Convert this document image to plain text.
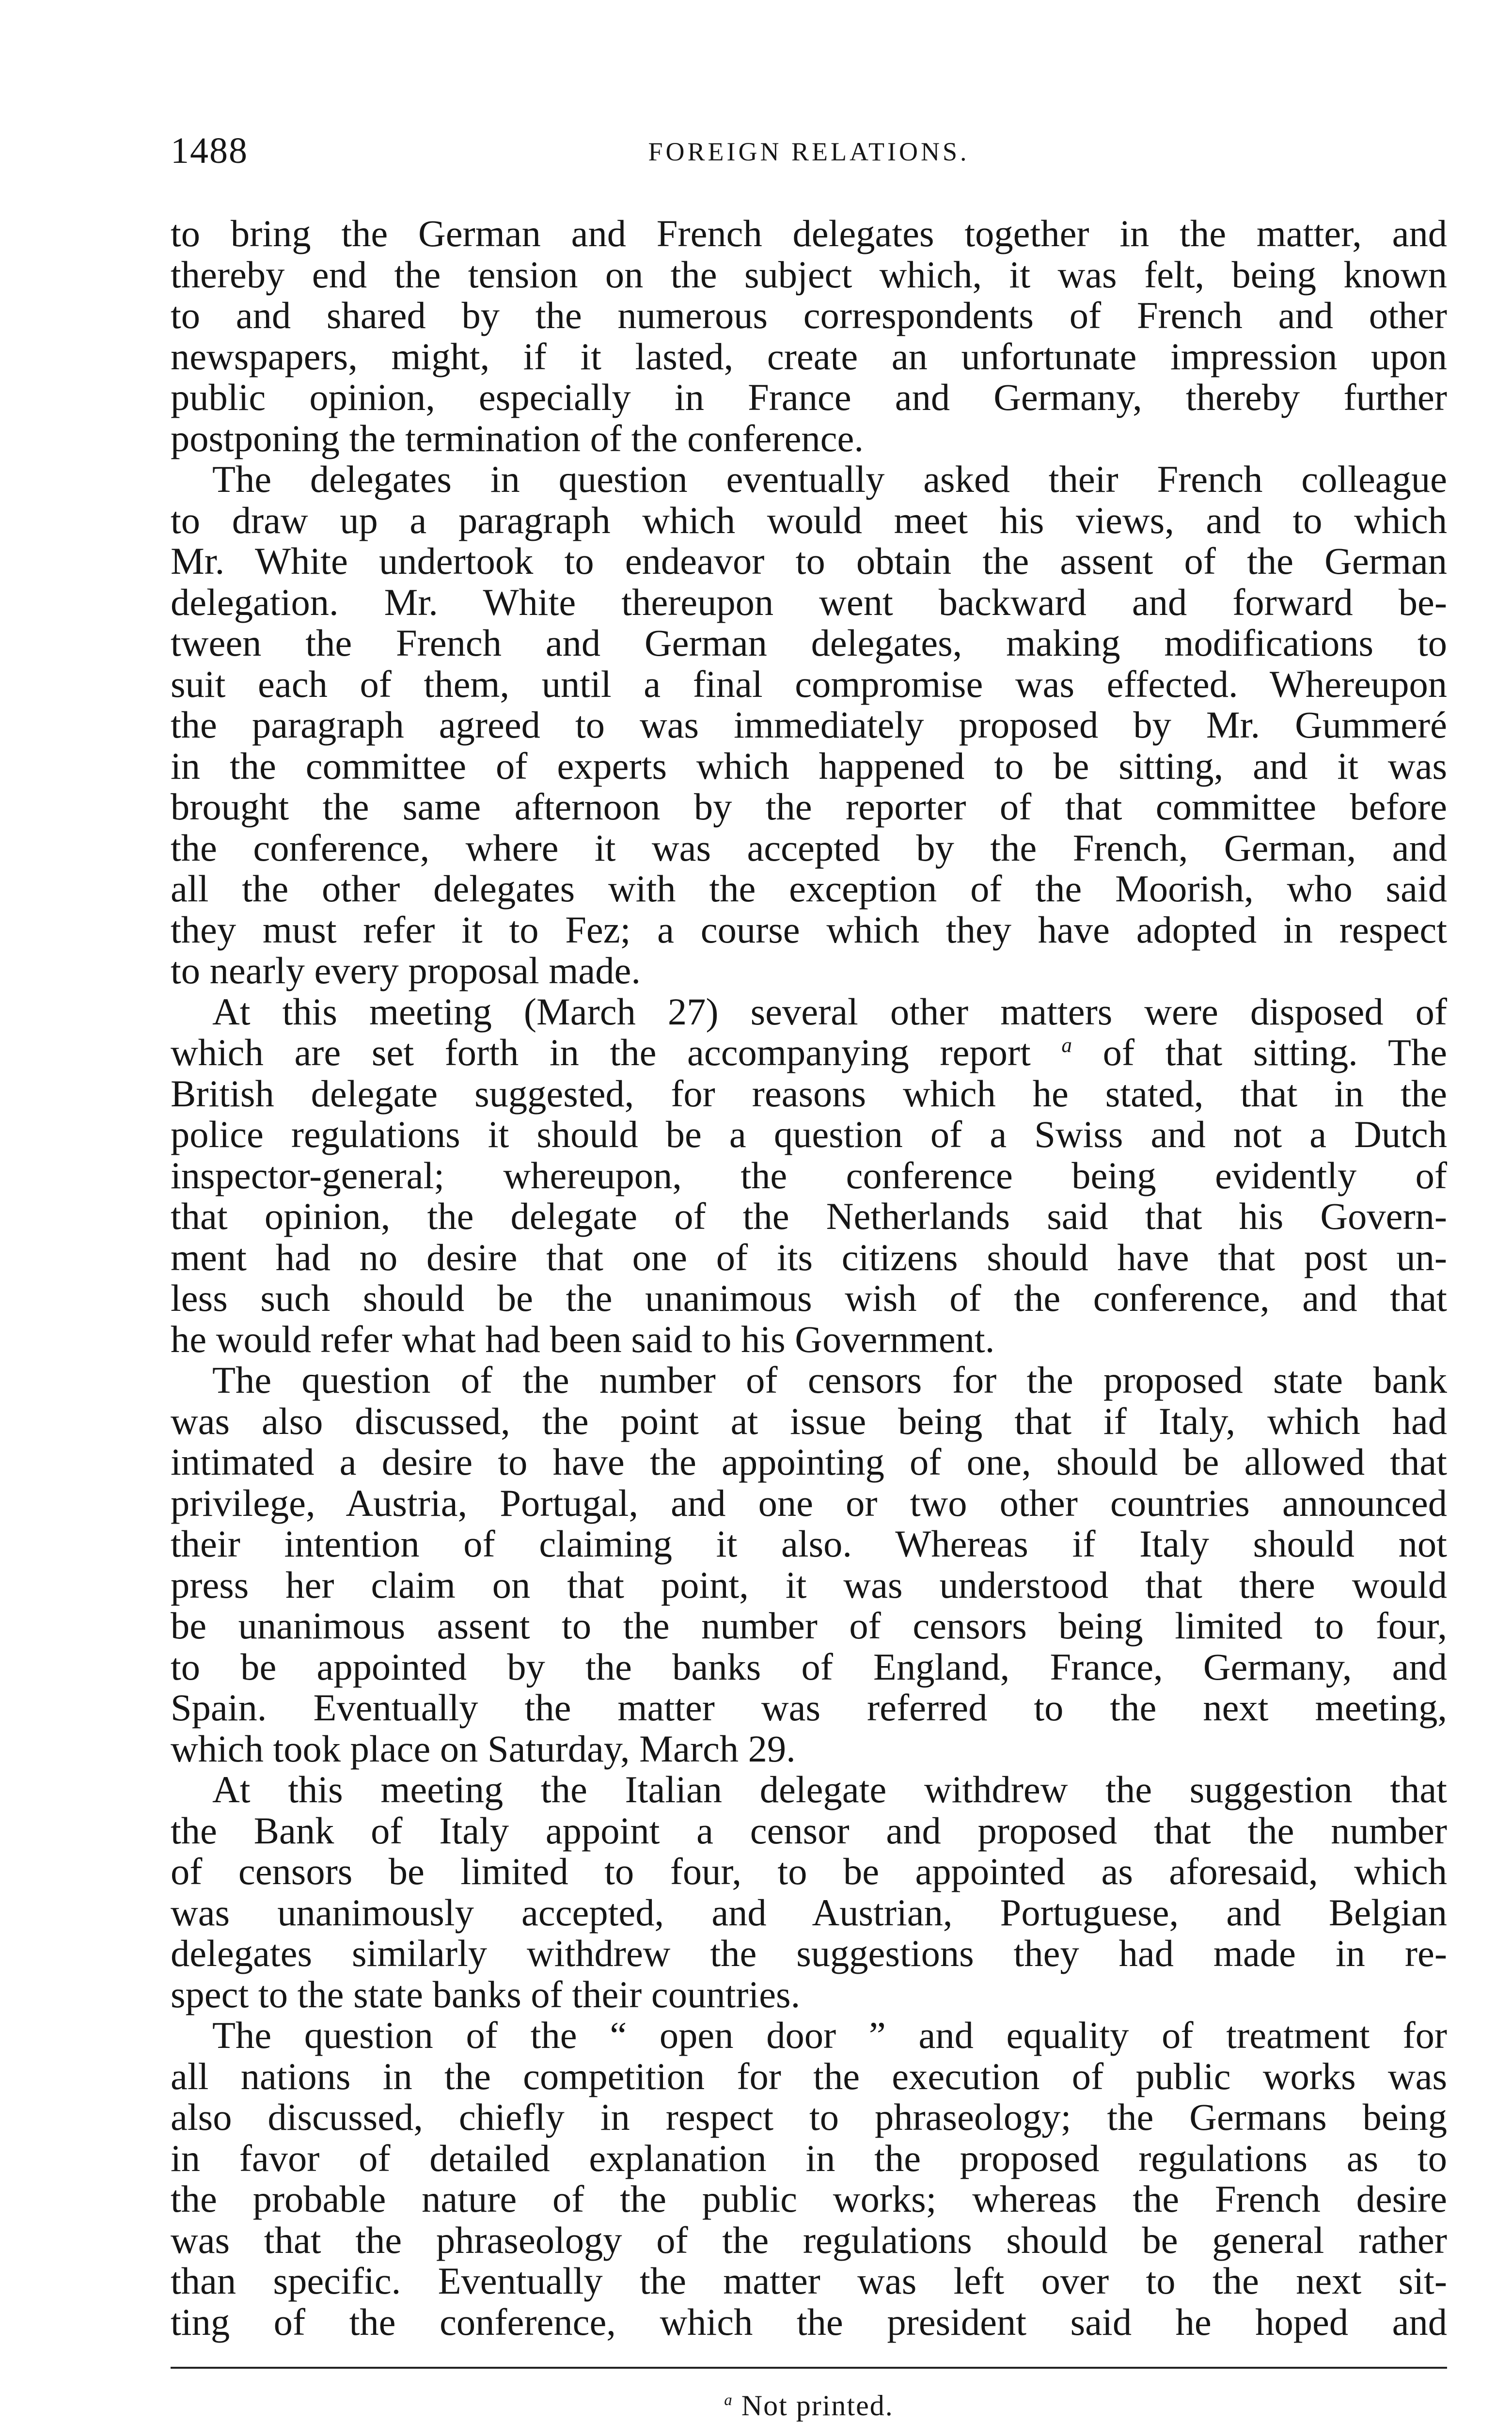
1488	FOREIGN RELATIONS.

to bring the German and French delegates together in the matter, and
thereby end the tension on the subject which, it was felt, being known
to and shared by the numerous correspondents of French and other
newspapers, might, if it lasted, create an unfortunate impression upon
public opinion, especially in France and Germany, thereby further
postponing the termination of the conference.

The delegates in question eventually asked their French colleague
to draw up a paragraph which would meet his views, and to which
Mr. White undertook to endeavor to obtain the assent of the German
delegation. Mr. White thereupon went backward and forward be-
tween the French and German delegates, making modifications to
suit each of them, until a final compromise was effected. Whereupon
the paragraph agreed to was immediately proposed by Mr. Gummeré
in the committee of experts which happened to be sitting, and it was
brought the same afternoon by the reporter of that committee before
the conference, where it was accepted by the French, German, and
all the other delegates with the exception of the Moorish, who said
they must refer it to Fez; a course which they have adopted in respect
to nearly every proposal made.

At this meeting (March 27) several other matters were disposed of
which are set forth in the accompanying report $^a$ of that sitting. The
British delegate suggested, for reasons which he stated, that in the
police regulations it should be a question of a Swiss and not a Dutch
inspector-general; whereupon, the conference being evidently of
that opinion, the delegate of the Netherlands said that his Govern-
ment had no desire that one of its citizens should have that post un-
less such should be the unanimous wish of the conference, and that
he would refer what had been said to his Government.

The question of the number of censors for the proposed state bank
was also discussed, the point at issue being that if Italy, which had
intimated a desire to have the appointing of one, should be allowed that
privilege, Austria, Portugal, and one or two other countries announced
their intention of claiming it also. Whereas if Italy should not
press her claim on that point, it was understood that there would
be unanimous assent to the number of censors being limited to four,
to be appointed by the banks of England, France, Germany, and
Spain. Eventually the matter was referred to the next meeting,
which took place on Saturday, March 29.

At this meeting the Italian delegate withdrew the suggestion that
the Bank of Italy appoint a censor and proposed that the number
of censors be limited to four, to be appointed as aforesaid, which
was unanimously accepted, and Austrian, Portuguese, and Belgian
delegates similarly withdrew the suggestions they had made in re-
spect to the state banks of their countries.

The question of the “ open door ” and equality of treatment for
all nations in the competition for the execution of public works was
also discussed, chiefly in respect to phraseology; the Germans being
in favor of detailed explanation in the proposed regulations as to
the probable nature of the public works; whereas the French desire
was that the phraseology of the regulations should be general rather
than specific. Eventually the matter was left over to the next sit-
ting of the conference, which the president said he hoped and

$^a$ Not printed.
